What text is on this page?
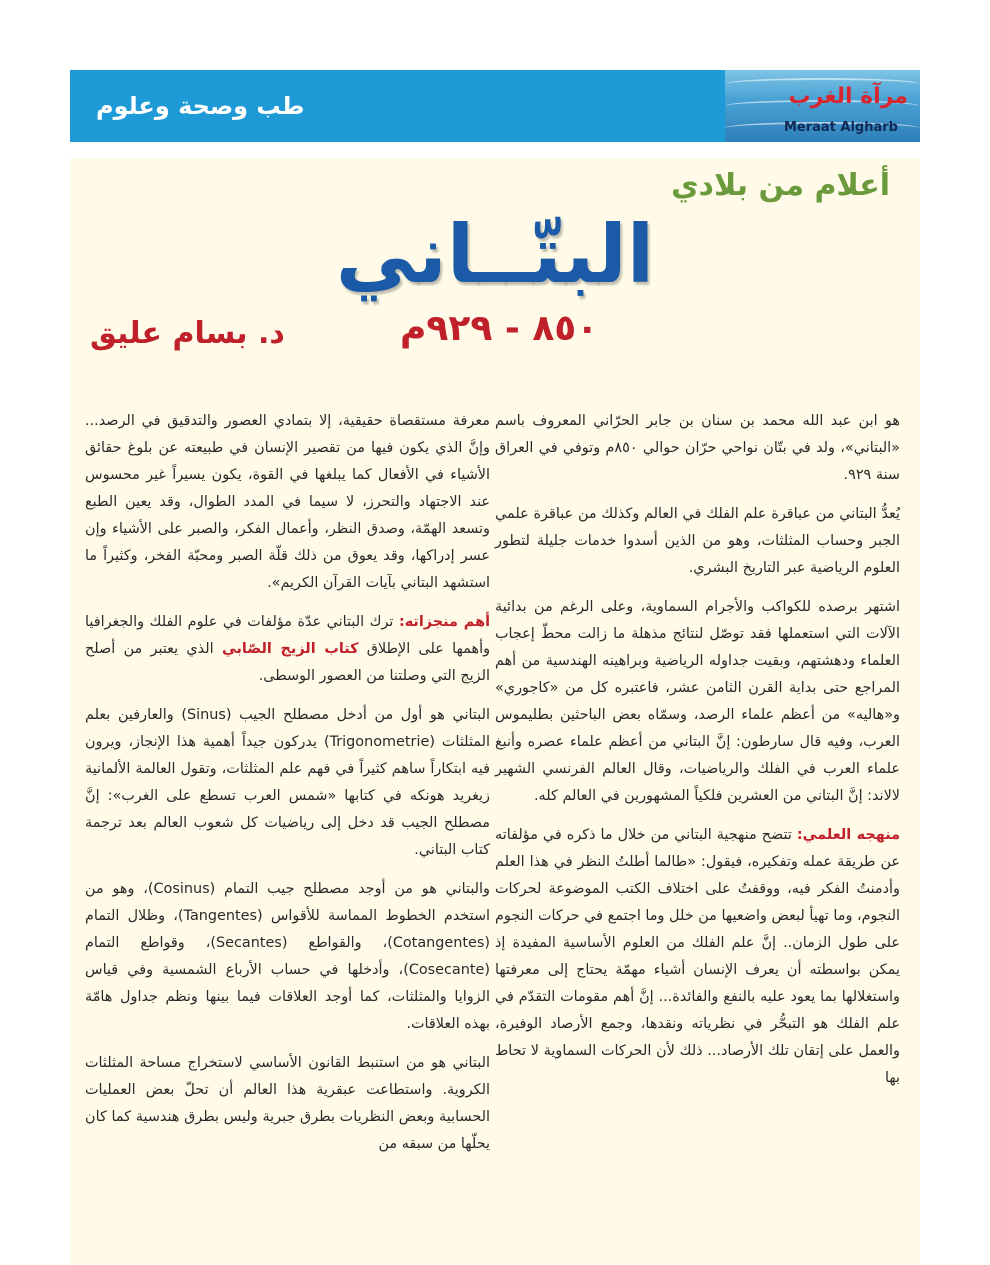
طب وصحة وعلوم	مرآة الغرب
Meraat Algharb
أعلام من بلادي
البتّــاني
٨٥٠ - ٩٢٩م
د. بسام عليق

هو ابن عبد الله محمد بن سنان بن جابر الحرّاني المعروف باسم «البتاني»، ولد في بتّان نواحي حرّان حوالي ٨٥٠م وتوفي في العراق سنة ٩٢٩.

يُعدُّ البتاني من عباقرة علم الفلك في العالم وكذلك من عباقرة علمي الجبر وحساب المثلثات، وهو من الذين أسدوا خدمات جليلة لتطور العلوم الرياضية عبر التاريخ البشري.

اشتهر برصده للكواكب والأجرام السماوية، وعلى الرغم من بدائية الآلات التي استعملها فقد توصّل لنتائج مذهلة ما زالت محطّ إعجاب العلماء ودهشتهم، وبقيت جداوله الرياضية وبراهينه الهندسية من أهم المراجع حتى بداية القرن الثامن عشر، فاعتبره كل من «كاجوري» و«هاليه» من أعظم علماء الرصد، وسمّاه بعض الباحثين بطليموس العرب، وفيه قال سارطون: إنَّ البتاني من أعظم علماء عصره وأنبغ علماء العرب في الفلك والرياضيات، وقال العالم الفرنسي الشهير لالاند: إنَّ البتاني من العشرين فلكياً المشهورين في العالم كله.

منهجه العلمي: تتضح منهجية البتاني من خلال ما ذكره في مؤلفاته عن طريقة عمله وتفكيره، فيقول: «طالما أطلتُ النظر في هذا العلم وأدمنتُ الفكر فيه، ووقفتُ على اختلاف الكتب الموضوعة لحركات النجوم، وما تهيأ لبعض واضعيها من خلل وما اجتمع في حركات النجوم على طول الزمان.. إنَّ علم الفلك من العلوم الأساسية المفيدة إذ يمكن بواسطته أن يعرف الإنسان أشياء مهمّة يحتاج إلى معرفتها واستغلالها بما يعود عليه بالنفع والفائدة... إنَّ أهم مقومات التقدّم في علم الفلك هو التبحُّر في نظرياته ونقدها، وجمع الأرصاد الوفيرة، والعمل على إتقان تلك الأرصاد... ذلك لأن الحركات السماوية لا تحاط بها

معرفة مستقصاة حقيقية، إلا بتمادي العصور والتدقيق في الرصد... وإنَّ الذي يكون فيها من تقصير الإنسان في طبيعته عن بلوغ حقائق الأشياء في الأفعال كما يبلغها في القوة، يكون يسيراً غير محسوس عند الاجتهاد والتحرز، لا سيما في المدد الطوال، وقد يعين الطبع وتسعد الهمّة، وصدق النظر، وأعمال الفكر، والصبر على الأشياء وإن عسر إدراكها، وقد يعوق من ذلك قلّة الصبر ومحبّة الفخر، وكثيراً ما استشهد البتاني بآيات القرآن الكريم».

أهم منجزاته: ترك البتاني عدّة مؤلفات في علوم الفلك والجغرافيا وأهمها على الإطلاق كتاب الزيج الصّابي الذي يعتبر من أصلح الزيج التي وصلتنا من العصور الوسطى.

البتاني هو أول من أدخل مصطلح الجيب (Sinus) والعارفين بعلم المثلثات (Trigonometrie) يدركون جيداً أهمية هذا الإنجاز، ويرون فيه ابتكاراً ساهم كثيراً في فهم علم المثلثات، وتقول العالمة الألمانية زيغريد هونكه في كتابها «شمس العرب تسطع على الغرب»: إنَّ مصطلح الجيب قد دخل إلى رياضيات كل شعوب العالم بعد ترجمة كتاب البتاني.

والبتاني هو من أوجد مصطلح جيب التمام (Cosinus)، وهو من استخدم الخطوط المماسة للأقواس (Tangentes)، وظلال التمام (Cotangentes)، والقواطع (Secantes)، وقواطع التمام (Cosecante)، وأدخلها في حساب الأرباع الشمسية وفي قياس الزوايا والمثلثات، كما أوجد العلاقات فيما بينها ونظم جداول هامّة بهذه العلاقات.

البتاني هو من استنبط القانون الأساسي لاستخراج مساحة المثلثات الكروية. واستطاعت عبقرية هذا العالم أن تحلّ بعض العمليات الحسابية وبعض النظريات بطرق جبرية وليس بطرق هندسية كما كان يحلّها من سبقه من
